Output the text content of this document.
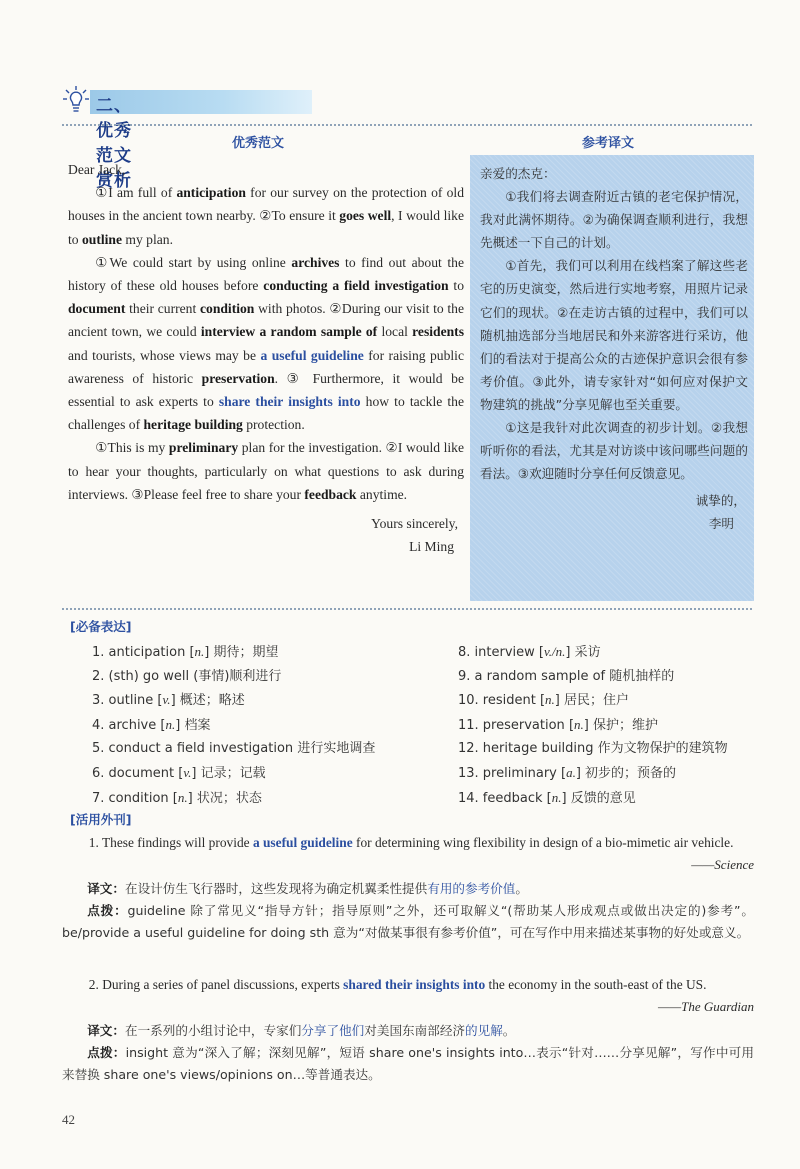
二、优秀范文赏析
优秀范文	参考译文

Dear Jack,

①I am full of anticipation for our survey on the protection of old houses in the ancient town nearby. ②To ensure it goes well, I would like to outline my plan.

①We could start by using online archives to find out about the history of these old houses before conducting a field investigation to document their current condition with photos. ②During our visit to the ancient town, we could interview a random sample of local residents and tourists, whose views may be a useful guideline for raising public awareness of historic preservation. ③ Furthermore, it would be essential to ask experts to share their insights into how to tackle the challenges of heritage building protection.

①This is my preliminary plan for the investigation. ②I would like to hear your thoughts, particularly on what questions to ask during interviews. ③Please feel free to share your feedback anytime.

Yours sincerely,

Li Ming

亲爱的杰克：

①我们将去调查附近古镇的老宅保护情况，我对此满怀期待。②为确保调查顺利进行，我想先概述一下自己的计划。

①首先，我们可以利用在线档案了解这些老宅的历史演变，然后进行实地考察，用照片记录它们的现状。②在走访古镇的过程中，我们可以随机抽选部分当地居民和外来游客进行采访，他们的看法对于提高公众的古迹保护意识会很有参考价值。③此外，请专家针对“如何应对保护文物建筑的挑战”分享见解也至关重要。

①这是我针对此次调查的初步计划。②我想听听你的看法，尤其是对访谈中该问哪些问题的看法。③欢迎随时分享任何反馈意见。

诚挚的，

李明

[必备表达]
1. anticipation [n.] 期待；期望
2. (sth) go well (事情)顺利进行
3. outline [v.] 概述；略述
4. archive [n.] 档案
5. conduct a field investigation 进行实地调查
6. document [v.] 记录；记载
7. condition [n.] 状况；状态
8. interview [v./n.] 采访
9. a random sample of 随机抽样的
10. resident [n.] 居民；住户
11. preservation [n.] 保护；维护
12. heritage building 作为文物保护的建筑物
13. preliminary [a.] 初步的；预备的
14. feedback [n.] 反馈的意见
[活用外刊]
1. These findings will provide a useful guideline for determining wing flexibility in design of a bio-mimetic air vehicle.
——Science
译文：在设计仿生飞行器时，这些发现将为确定机翼柔性提供有用的参考价值。
点拨：guideline 除了常见义“指导方针；指导原则”之外，还可取解义“(帮助某人形成观点或做出决定的)参考”。be/provide a useful guideline for doing sth 意为“对做某事很有参考价值”，可在写作中用来描述某事物的好处或意义。
2. During a series of panel discussions, experts shared their insights into the economy in the south-east of the US.
——The Guardian
译文：在一系列的小组讨论中，专家们分享了他们对美国东南部经济的见解。
点拨：insight 意为“深入了解；深刻见解”，短语 share one's insights into…表示“针对……分享见解”，写作中可用来替换 share one's views/opinions on…等普通表达。
42
